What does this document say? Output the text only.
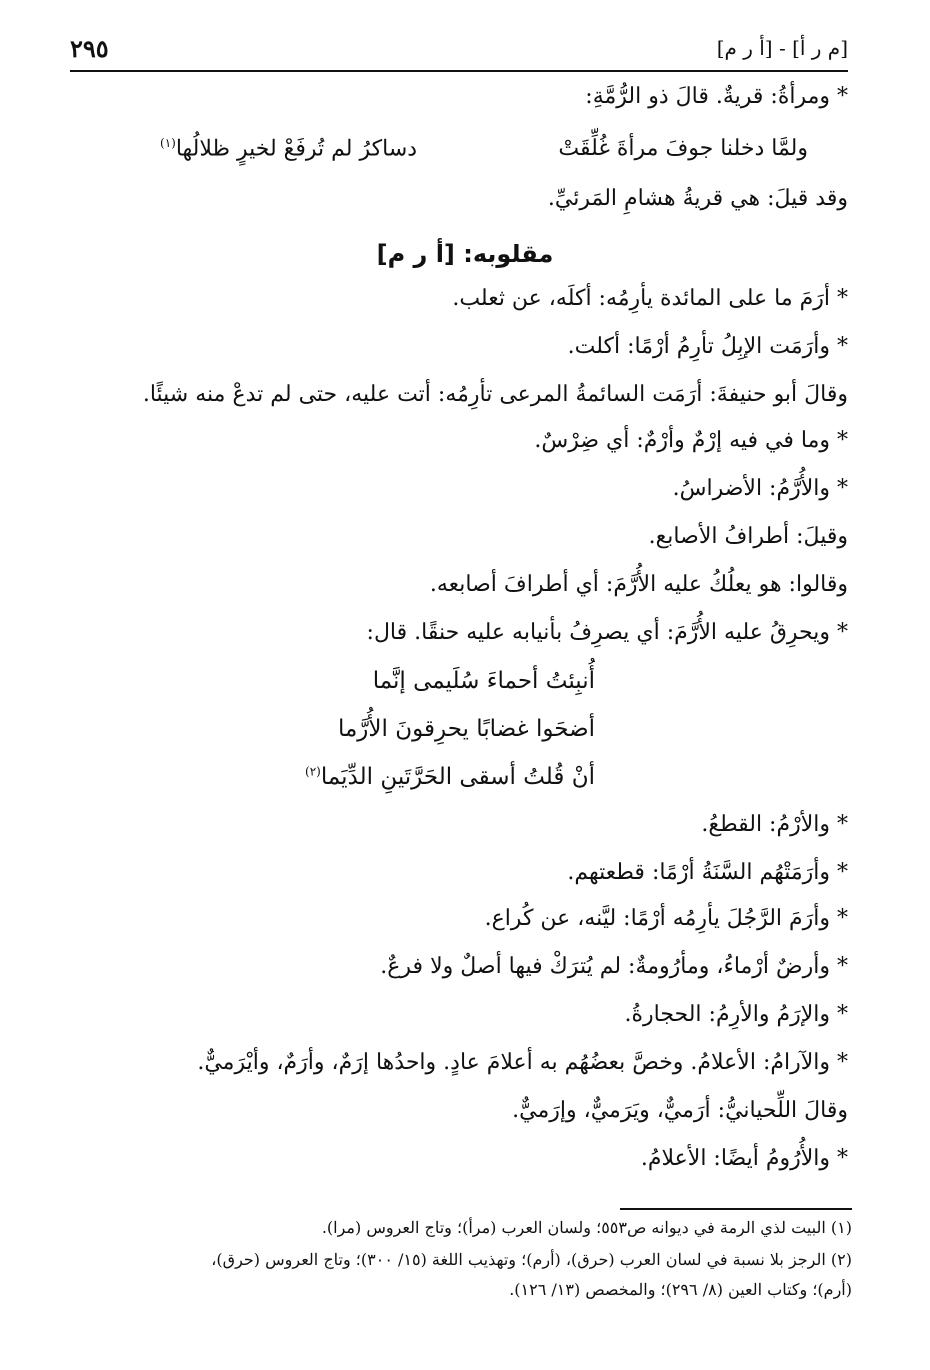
٢٩٥	[م ر أ] - [أ ر م]
* ومرأةُ: قريةٌ. قالَ ذو الرُّمَّةِ:
ولمَّا دخلنا جوفَ مرأةَ غُلِّقَتْ
دساكرُ لم تُرفَعْ لخيرٍ ظلالُها$^{(١)}$
وقد قيلَ: هي قريةُ هشامِ المَرئيِّ.
مقلوبه: [أ ر م]
* أرَمَ ما على المائدة يأرِمُه: أكلَه، عن ثعلب.
* وأرَمَت الإبِلُ تأرِمُ أرْمًا: أكلت.
وقالَ أبو حنيفةَ: أرَمَت السائمةُ المرعى تأرِمُه: أتت عليه، حتى لم تدعْ منه شيئًا.
* وما في فيه إرْمٌ وأرْمٌ: أي ضِرْسٌ.
* والأُرَّمُ: الأضراسُ.
وقيلَ: أطرافُ الأصابع.
وقالوا: هو يعلُكُ عليه الأُرَّمَ: أي أطرافَ أصابعه.
* ويحرِقُ عليه الأُرَّمَ: أي يصرِفُ بأنيابه عليه حنقًا. قال:
أُنبِئتُ أحماءَ سُلَيمى إنَّما
أضحَوا غضابًا يحرِقونَ الأُرَّما
أنْ قُلتُ أسقى الحَرَّتَينِ الدِّيَما$^{(٢)}$
* والأرْمُ: القطعُ.
* وأرَمَتْهُم السَّنَةُ أرْمًا: قطعتهم.
* وأرَمَ الرَّجُلَ يأرِمُه أرْمًا: ليَّنه، عن كُراع.
* وأرضٌ أرْماءُ، ومأرُومةٌ: لم يُترَكْ فيها أصلٌ ولا فرعٌ.
* والإرَمُ والأرِمُ: الحجارةُ.
* والآرامُ: الأعلامُ. وخصَّ بعضُهُم به أعلامَ عادٍ. واحدُها إرَمٌ، وأرَمٌ، وأيْرَميٌّ.
وقالَ اللِّحيانيُّ: أرَميٌّ، ويَرَميٌّ، وإرَميٌّ.
* والأُرُومُ أيضًا: الأعلامُ.
(١) البيت لذي الرمة في ديوانه ص٥٥٣؛ ولسان العرب (مرأ)؛ وتاج العروس (مرا).
(٢) الرجز بلا نسبة في لسان العرب (حرق)، (أرم)؛ وتهذيب اللغة (١٥/ ٣٠٠)؛ وتاج العروس (حرق)،
(أرم)؛ وكتاب العين (٨/ ٢٩٦)؛ والمخصص (١٣/ ١٢٦).
